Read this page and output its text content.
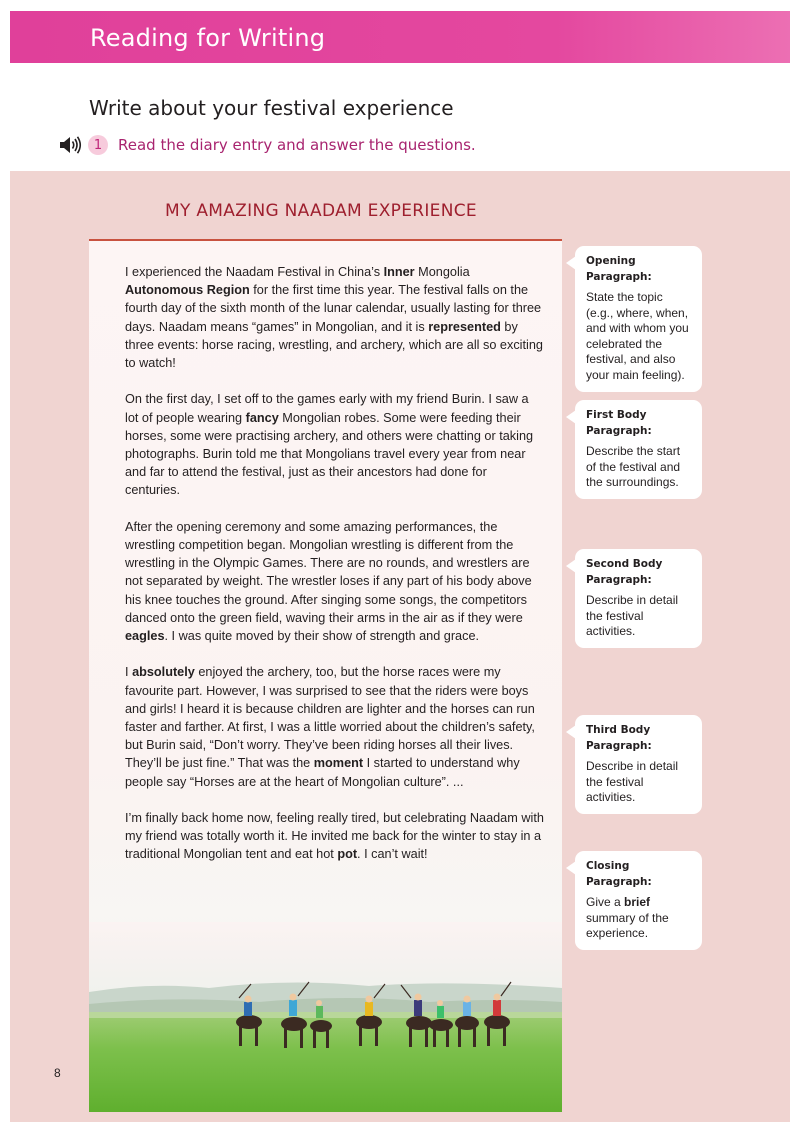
Reading for Writing
Write about your festival experience
1	Read the diary entry and answer the questions.
MY AMAZING NAADAM EXPERIENCE

I experienced the Naadam Festival in China’s Inner Mongolia Autonomous Region for the first time this year. The festival falls on the fourth day of the sixth month of the lunar calendar, usually lasting for three days. Naadam means “games” in Mongolian, and it is represented by three events: horse racing, wrestling, and archery, which are all so exciting to watch!

On the first day, I set off to the games early with my friend Burin. I saw a lot of people wearing fancy Mongolian robes. Some were feeding their horses, some were practising archery, and others were chatting or taking photographs. Burin told me that Mongolians travel every year from near and far to attend the festival, just as their ancestors had done for centuries.

After the opening ceremony and some amazing performances, the wrestling competition began. Mongolian wrestling is different from the wrestling in the Olympic Games. There are no rounds, and wrestlers are not separated by weight. The wrestler loses if any part of his body above his knee touches the ground. After singing some songs, the competitors danced onto the green field, waving their arms in the air as if they were eagles. I was quite moved by their show of strength and grace.

I absolutely enjoyed the archery, too, but the horse races were my favourite part. However, I was surprised to see that the riders were boys and girls! I heard it is because children are lighter and the horses can run faster and farther. At first, I was a little worried about the children’s safety, but Burin said, “Don’t worry. They’ve been riding horses all their lives. They’ll be just fine.” That was the moment I started to understand why people say “Horses are at the heart of Mongolian culture”. ...

I’m finally back home now, feeling really tired, but celebrating Naadam with my friend was totally worth it. He invited me back for the winter to stay in a traditional Mongolian tent and eat hot pot. I can’t wait!

Opening Paragraph:
State the topic (e.g., where, when, and with whom you celebrated the festival, and also your main feeling).
First Body Paragraph:
Describe the start of the festival and the surroundings.
Second Body Paragraph:
Describe in detail the festival activities.
Third Body Paragraph:
Describe in detail the festival activities.
Closing Paragraph:
Give a brief summary of the experience.
8
